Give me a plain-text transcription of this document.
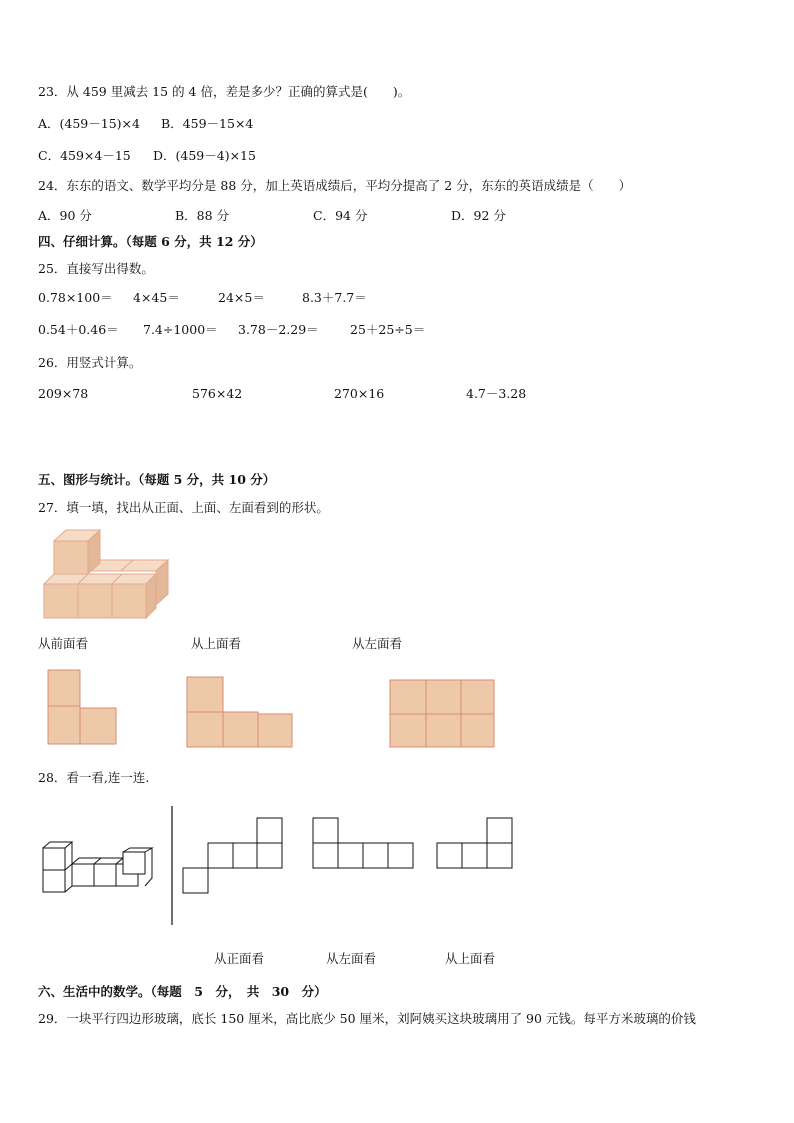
23．从 459 里减去 15 的 4 倍，差是多少？正确的算式是(　　)。
A．(459－15)×4 B．459－15×4
C．459×4－15 D．(459－4)×15
24．东东的语文、数学平均分是 88 分，加上英语成绩后，平均分提高了 2 分，东东的英语成绩是（　　）
A．90 分	B．88 分	C．94 分	D．92 分
四、仔细计算。（每题 6 分，共 12 分）
25．直接写出得数。
0.78×100＝ 4×45＝	24×5＝	8.3＋7.7＝
0.54＋0.46＝ 7.4÷1000＝ 3.78－2.29＝	25＋25÷5＝
26．用竖式计算。
209×78	576×42	270×16	4.7－3.28
五、图形与统计。（每题 5 分，共 10 分）
27．填一填，找出从正面、上面、左面看到的形状。
从前面看	从上面看	从左面看
28．看一看,连一连.
从正面看	从左面看	从上面看
六、生活中的数学。（每题　5　分，　共　30　分）
29．一块平行四边形玻璃，底长 150 厘米，高比底少 50 厘米，刘阿姨买这块玻璃用了 90 元钱。每平方米玻璃的价钱
